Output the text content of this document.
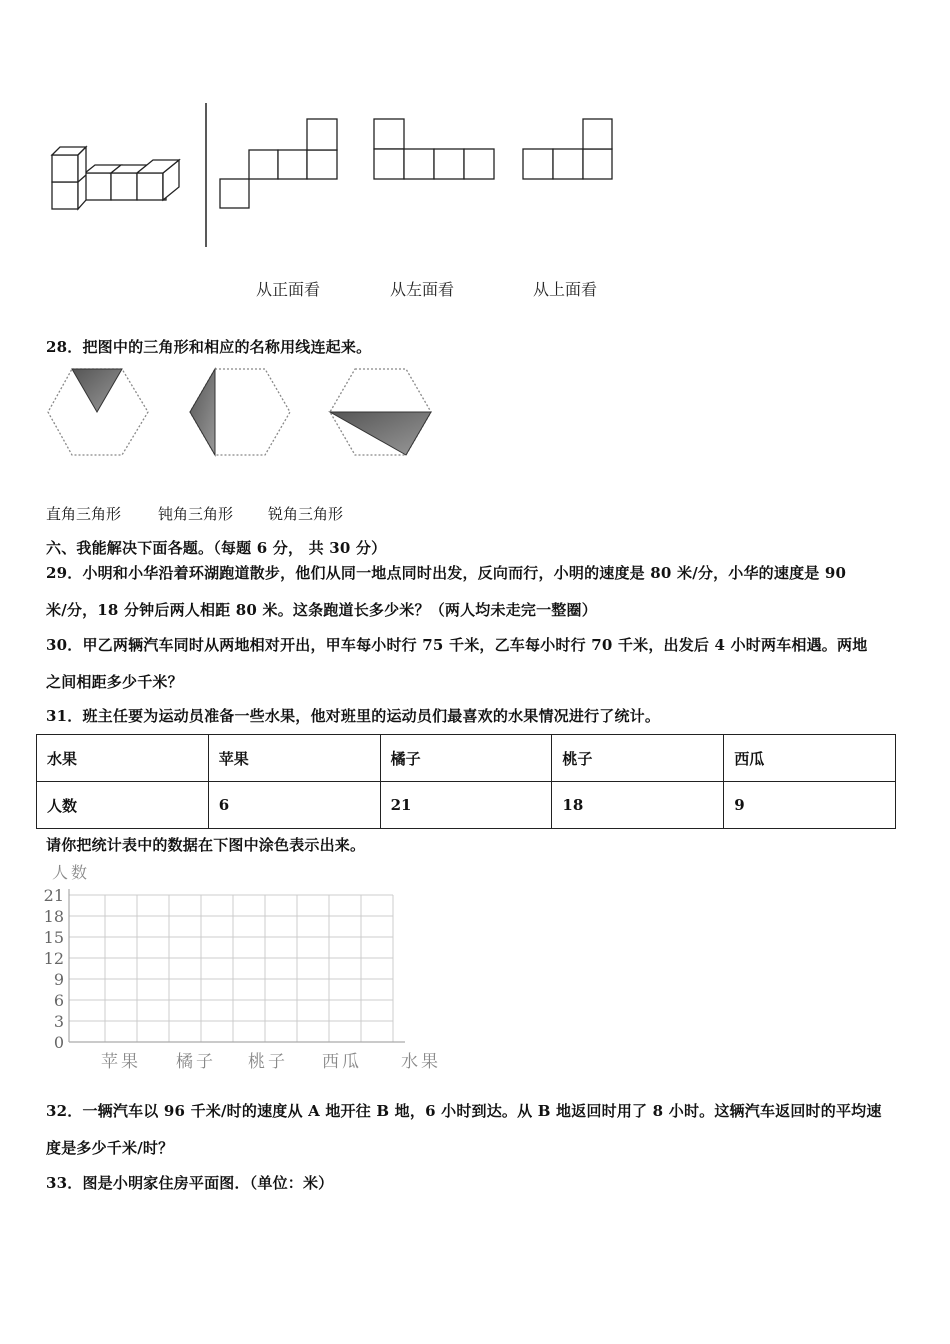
从正面看	从左面看	从上面看
28．把图中的三角形和相应的名称用线连起来。
直角三角形 钝角三角形 锐角三角形
六、我能解决下面各题。（每题 6 分， 共 30 分）
29．小明和小华沿着环湖跑道散步，他们从同一地点同时出发，反向而行，小明的速度是 80 米/分，小华的速度是 90
米/分，18 分钟后两人相距 80 米。这条跑道长多少米？（两人均未走完一整圈）
30．甲乙两辆汽车同时从两地相对开出，甲车每小时行 75 千米，乙车每小时行 70 千米，出发后 4 小时两车相遇。两地
之间相距多少千米？
31．班主任要为运动员准备一些水果，他对班里的运动员们最喜欢的水果情况进行了统计。
水果	苹果	橘子	桃子	西瓜
人数	6	21	18	9
请你把统计表中的数据在下图中涂色表示出来。
21
18
15
12
9
6
3
0
人数
苹果 橘子 桃子 西瓜 水果
32．一辆汽车以 96 千米/时的速度从 A 地开往 B 地，6 小时到达。从 B 地返回时用了 8 小时。这辆汽车返回时的平均速
度是多少千米/时？
33．图是小明家住房平面图．（单位：米）
